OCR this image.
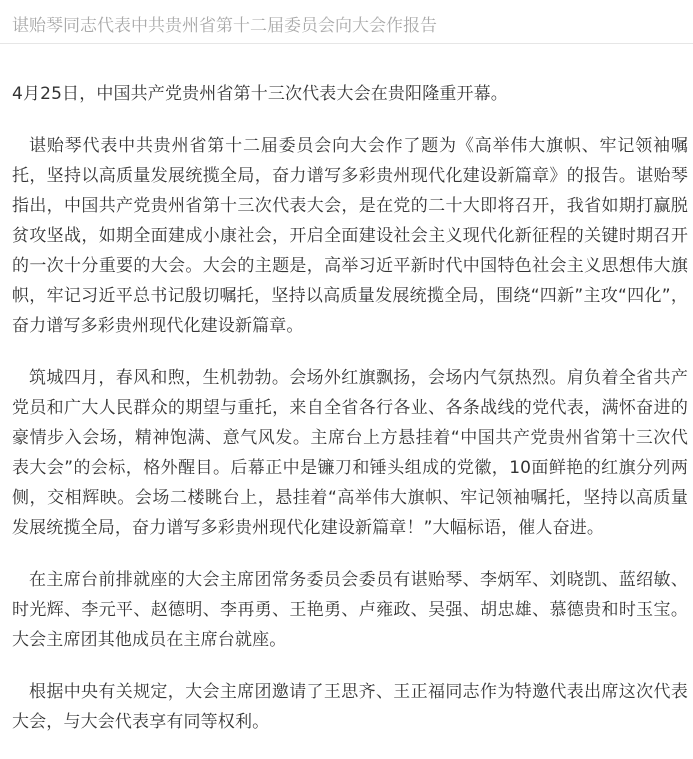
谌贻琴同志代表中共贵州省第十二届委员会向大会作报告

4月25日，中国共产党贵州省第十三次代表大会在贵阳隆重开幕。

谌贻琴代表中共贵州省第十二届委员会向大会作了题为《高举伟大旗帜、牢记领袖嘱托，坚持以高质量发展统揽全局，奋力谱写多彩贵州现代化建设新篇章》的报告。谌贻琴指出，中国共产党贵州省第十三次代表大会，是在党的二十大即将召开，我省如期打赢脱贫攻坚战，如期全面建成小康社会，开启全面建设社会主义现代化新征程的关键时期召开的一次十分重要的大会。大会的主题是，高举习近平新时代中国特色社会主义思想伟大旗帜，牢记习近平总书记殷切嘱托，坚持以高质量发展统揽全局，围绕“四新”主攻“四化”，奋力谱写多彩贵州现代化建设新篇章。

筑城四月，春风和煦，生机勃勃。会场外红旗飘扬，会场内气氛热烈。肩负着全省共产党员和广大人民群众的期望与重托，来自全省各行各业、各条战线的党代表，满怀奋进的豪情步入会场，精神饱满、意气风发。主席台上方悬挂着“中国共产党贵州省第十三次代表大会”的会标，格外醒目。后幕正中是镰刀和锤头组成的党徽，10面鲜艳的红旗分列两侧，交相辉映。会场二楼眺台上，悬挂着“高举伟大旗帜、牢记领袖嘱托，坚持以高质量发展统揽全局，奋力谱写多彩贵州现代化建设新篇章！”大幅标语，催人奋进。

在主席台前排就座的大会主席团常务委员会委员有谌贻琴、李炳军、刘晓凯、蓝绍敏、时光辉、李元平、赵德明、李再勇、王艳勇、卢雍政、吴强、胡忠雄、慕德贵和时玉宝。大会主席团其他成员在主席台就座。

根据中央有关规定，大会主席团邀请了王思齐、王正福同志作为特邀代表出席这次代表大会，与大会代表享有同等权利。
